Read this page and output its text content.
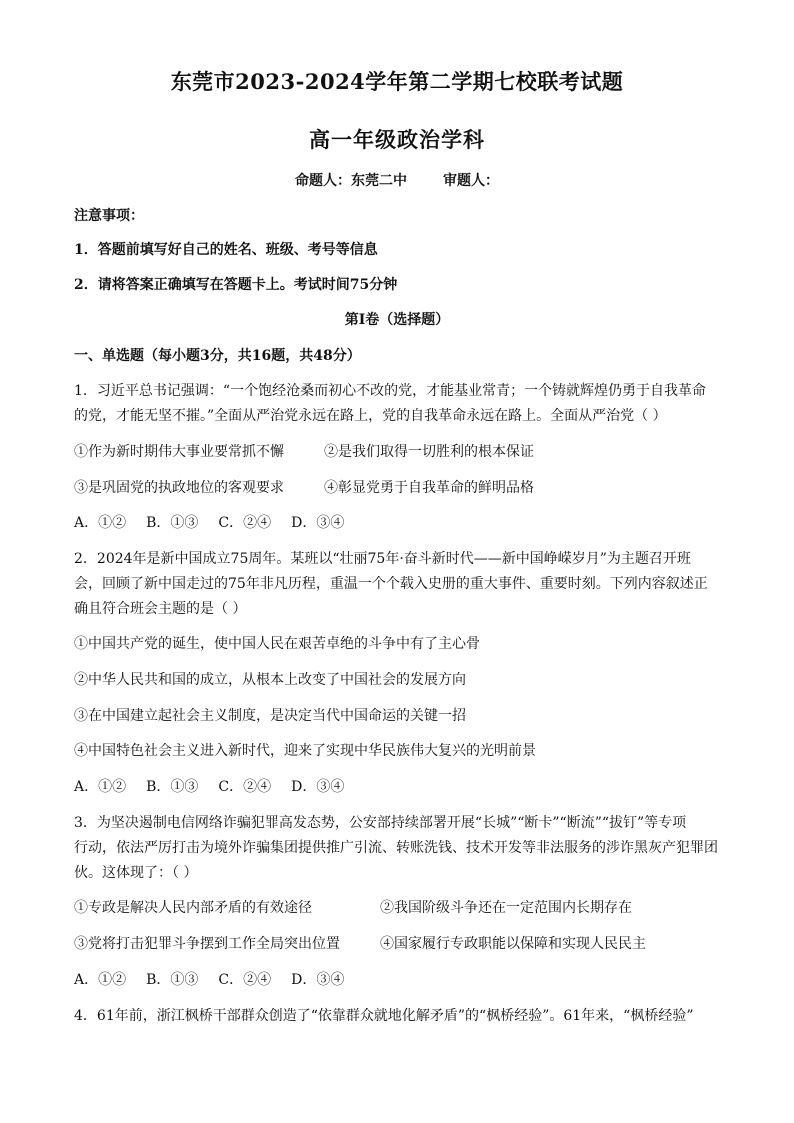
东莞市2023-2024学年第二学期七校联考试题
高一年级政治学科
命题人：东莞二中	审题人：
注意事项：
1．答题前填写好自己的姓名、班级、考号等信息
2．请将答案正确填写在答题卡上。考试时间75分钟
第I卷（选择题）
一、单选题（每小题3分，共16题，共48分）
1．习近平总书记强调：“一个饱经沧桑而初心不改的党，才能基业常青；一个铸就辉煌仍勇于自我革命
的党，才能无坚不摧。”全面从严治党永远在路上，党的自我革命永远在路上。全面从严治党（ ）
①作为新时期伟大事业要常抓不懈	②是我们取得一切胜利的根本保证
③是巩固党的执政地位的客观要求	④彰显党勇于自我革命的鲜明品格
A．①② B．①③ C．②④ D．③④
2．2024年是新中国成立75周年。某班以“壮丽75年·奋斗新时代——新中国峥嵘岁月”为主题召开班
会，回顾了新中国走过的75年非凡历程，重温一个个载入史册的重大事件、重要时刻。下列内容叙述正
确且符合班会主题的是（ ）
①中国共产党的诞生，使中国人民在艰苦卓绝的斗争中有了主心骨
②中华人民共和国的成立，从根本上改变了中国社会的发展方向
③在中国建立起社会主义制度，是决定当代中国命运的关键一招
④中国特色社会主义进入新时代，迎来了实现中华民族伟大复兴的光明前景
A．①② B．①③ C．②④ D．③④
3．为坚决遏制电信网络诈骗犯罪高发态势，公安部持续部署开展“长城”“断卡”“断流”“拔钉”等专项
行动，依法严厉打击为境外诈骗集团提供推广引流、转账洗钱、技术开发等非法服务的涉诈黑灰产犯罪团
伙。这体现了：（ ）
①专政是解决人民内部矛盾的有效途径	②我国阶级斗争还在一定范围内长期存在
③党将打击犯罪斗争摆到工作全局突出位置	④国家履行专政职能以保障和实现人民民主
A．①② B．①③ C．②④ D．③④
4．61年前，浙江枫桥干部群众创造了“依靠群众就地化解矛盾”的“枫桥经验”。61年来，“枫桥经验”
